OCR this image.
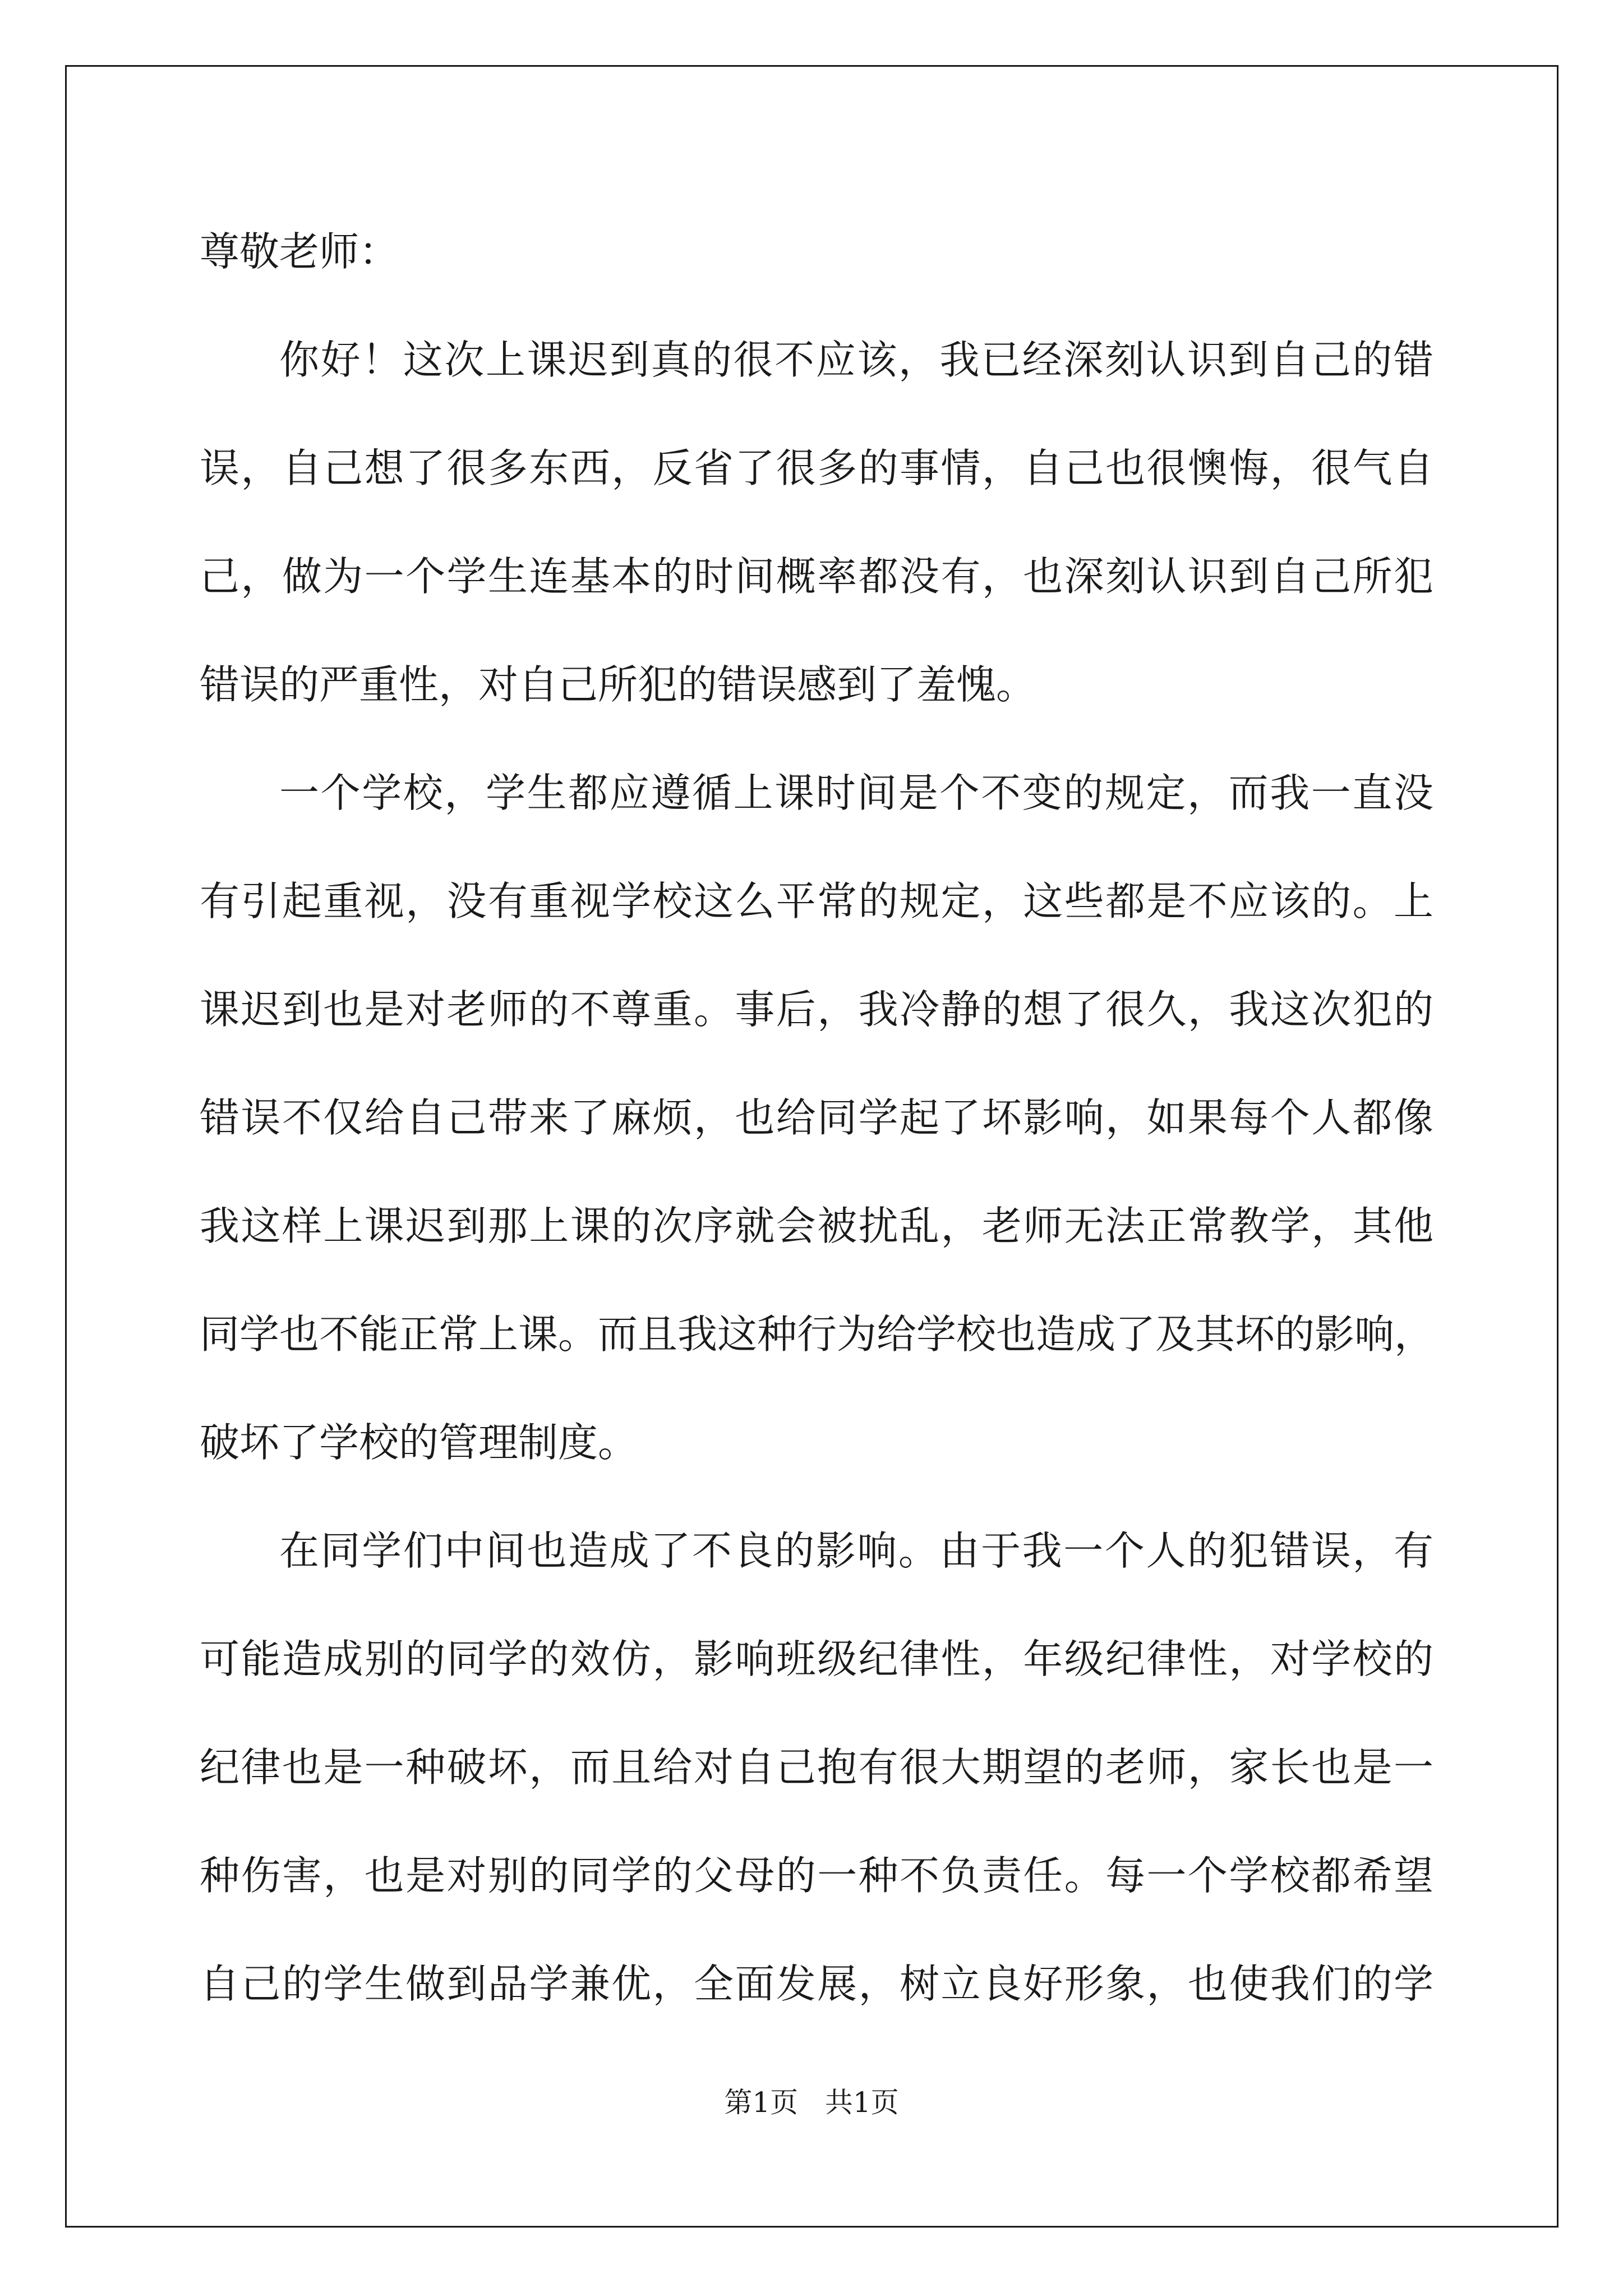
尊敬老师：
你好！这次上课迟到真的很不应该，我已经深刻认识到自己的错
误，自己想了很多东西，反省了很多的事情，自己也很懊悔，很气自
己，做为一个学生连基本的时间概率都没有，也深刻认识到自己所犯
错误的严重性，对自己所犯的错误感到了羞愧。
一个学校，学生都应遵循上课时间是个不变的规定，而我一直没
有引起重视，没有重视学校这么平常的规定，这些都是不应该的。上
课迟到也是对老师的不尊重。事后，我冷静的想了很久，我这次犯的
错误不仅给自己带来了麻烦，也给同学起了坏影响，如果每个人都像
我这样上课迟到那上课的次序就会被扰乱，老师无法正常教学，其他
同学也不能正常上课。而且我这种行为给学校也造成了及其坏的影响，
破坏了学校的管理制度。
在同学们中间也造成了不良的影响。由于我一个人的犯错误，有
可能造成别的同学的效仿，影响班级纪律性，年级纪律性，对学校的
纪律也是一种破坏，而且给对自己抱有很大期望的老师，家长也是一
种伤害，也是对别的同学的父母的一种不负责任。每一个学校都希望
自己的学生做到品学兼优，全面发展，树立良好形象，也使我们的学
第1页   共1页
